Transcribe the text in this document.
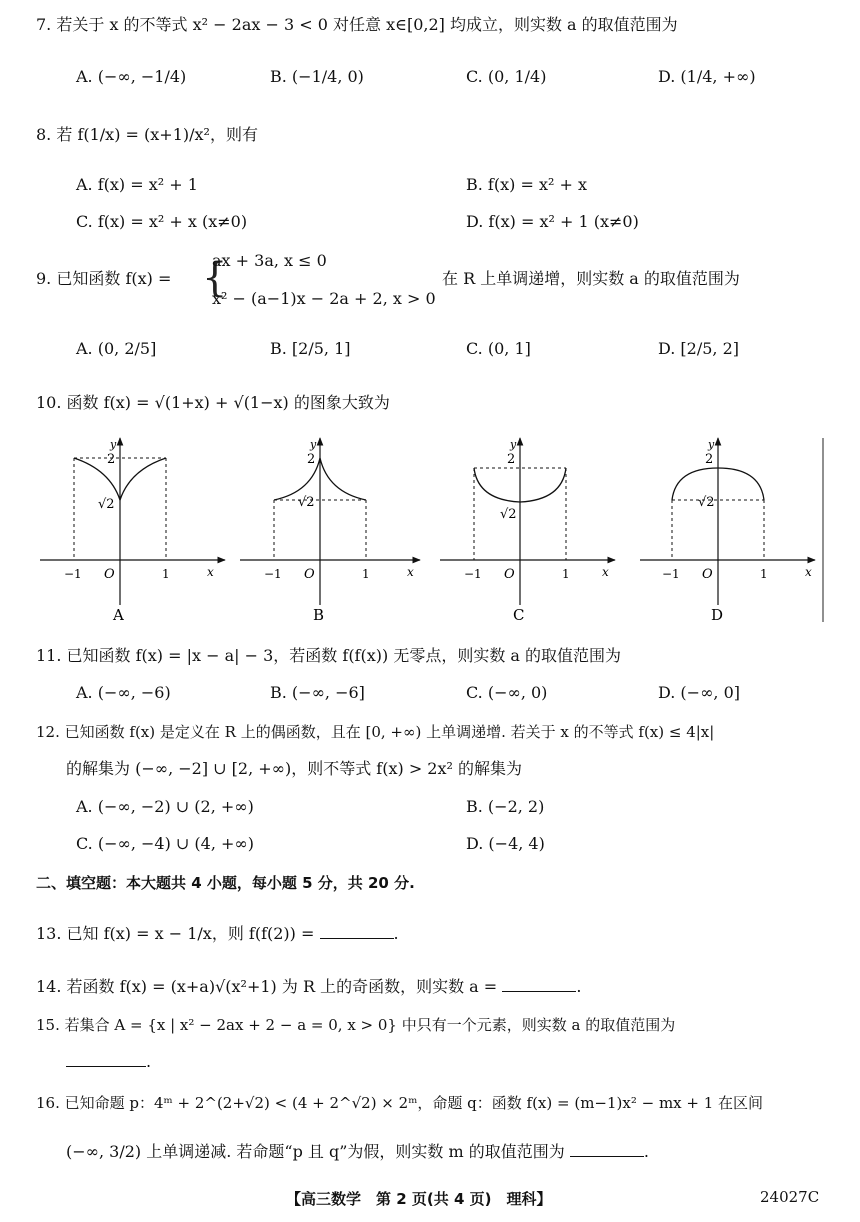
7. 若关于 x 的不等式 x² − 2ax − 3 < 0 对任意 x∈[0,2] 均成立，则实数 a 的取值范围为
A. (−∞, −1/4)	B. (−1/4, 0)	C. (0, 1/4)	D. (1/4, +∞)
8. 若 f(1/x) = (x+1)/x²，则有
A. f(x) = x² + 1	B. f(x) = x² + x
C. f(x) = x² + x (x≠0)	D. f(x) = x² + 1 (x≠0)
9. 已知函数 f(x) = {
ax + 3a, x ≤ 0
x² − (a−1)x − 2a + 2, x > 0
在 R 上单调递增，则实数 a 的取值范围为
A. (0, 2/5]	B. [2/5, 1]	C. (0, 1]	D. [2/5, 2]
10. 函数 f(x) = √(1+x) + √(1−x) 的图象大致为
y
2
√2
−1 O	1	x
A
y
2
√2
−1 O	1	x
B
y
2
√2
−1 O	1	x
C
y
2
√2
−1 O	1	x
D
11. 已知函数 f(x) = |x − a| − 3，若函数 f(f(x)) 无零点，则实数 a 的取值范围为
A. (−∞, −6)	B. (−∞, −6]	C. (−∞, 0)	D. (−∞, 0]
12. 已知函数 f(x) 是定义在 R 上的偶函数，且在 [0, +∞) 上单调递增. 若关于 x 的不等式 f(x) ≤ 4|x|
的解集为 (−∞, −2] ∪ [2, +∞)，则不等式 f(x) > 2x² 的解集为
A. (−∞, −2) ∪ (2, +∞)	B. (−2, 2)
C. (−∞, −4) ∪ (4, +∞)	D. (−4, 4)
二、填空题：本大题共 4 小题，每小题 5 分，共 20 分.
13. 已知 f(x) = x − 1/x，则 f(f(2)) =	.
14. 若函数 f(x) = (x+a)√(x²+1) 为 R 上的奇函数，则实数 a =	.
15. 若集合 A = {x | x² − 2ax + 2 − a = 0, x > 0} 中只有一个元素，则实数 a 的取值范围为
.
16. 已知命题 p：4ᵐ + 2^(2+√2) < (4 + 2^√2) × 2ᵐ，命题 q：函数 f(x) = (m−1)x² − mx + 1 在区间
(−∞, 3/2) 上单调递减. 若命题“p 且 q”为假，则实数 m 的取值范围为	.
【高三数学　第 2 页(共 4 页)　理科】	24027C
